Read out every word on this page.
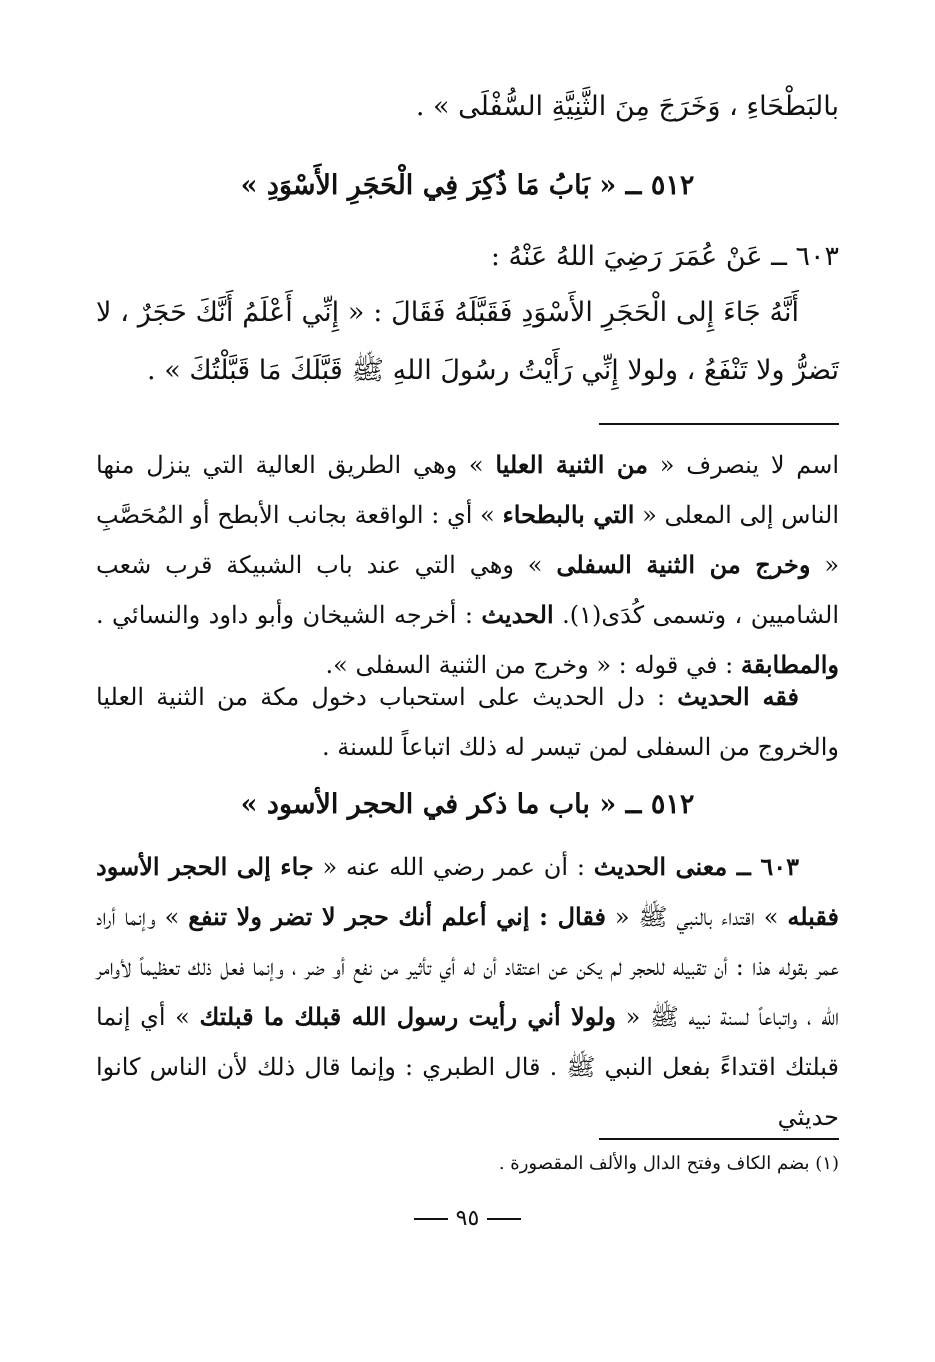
بالبَطْحَاءِ ، وَخَرَجَ مِنَ الثَّنِيَّةِ السُّفْلَى » .
٥١٢ ــ « بَابُ مَا ذُكِرَ فِي الْحَجَرِ الأَسْوَدِ »
٦٠٣ ــ عَنْ عُمَرَ رَضِيَ اللهُ عَنْهُ :
أَنَّهُ جَاءَ إِلى الْحَجَرِ الأَسْوَدِ فَقَبَّلَهُ فَقَالَ : « إِنِّي أَعْلَمُ أَنَّكَ حَجَرٌ ، لا تَضرُّ ولا تَنْفَعُ ، ولولا إِنِّي رَأَيْتُ رسُولَ اللهِ ﷺ قَبَّلَكَ مَا قَبَّلْتُكَ » .
اسم لا ينصرف « من الثنية العليا » وهي الطريق العالية التي ينزل منها الناس إلى المعلى « التي بالبطحاء » أي : الواقعة بجانب الأبطح أو المُحَصَّبِ « وخرج من الثنية السفلى » وهي التي عند باب الشبيكة قرب شعب الشاميين ، وتسمى كُدَى(١). الحديث : أخرجه الشيخان وأبو داود والنسائي . والمطابقة : في قوله : « وخرج من الثنية السفلى ».
فقه الحديث : دل الحديث على استحباب دخول مكة من الثنية العليا والخروج من السفلى لمن تيسر له ذلك اتباعاً للسنة .
٥١٢ ــ « باب ما ذكر في الحجر الأسود »
٦٠٣ ــ معنى الحديث : أن عمر رضي الله عنه « جاء إلى الحجر الأسود فقبله » اقتداء بالنبي ﷺ « فقال : إني أعلم أنك حجر لا تضر ولا تنفع » وإنما أراد عمر بقوله هذا : أن تقبيله للحجر لم يكن عن اعتقاد أن له أي تأثير من نفع أو ضر ، وإنما فعل ذلك تعظيماً لأوامر الله ، واتباعاً لسنة نبيه ﷺ « ولولا أني رأيت رسول الله قبلك ما قبلتك » أي إنما قبلتك اقتداءً بفعل النبي ﷺ . قال الطبري : وإنما قال ذلك لأن الناس كانوا حديثي
(١) بضم الكاف وفتح الدال والألف المقصورة .
٩٥
